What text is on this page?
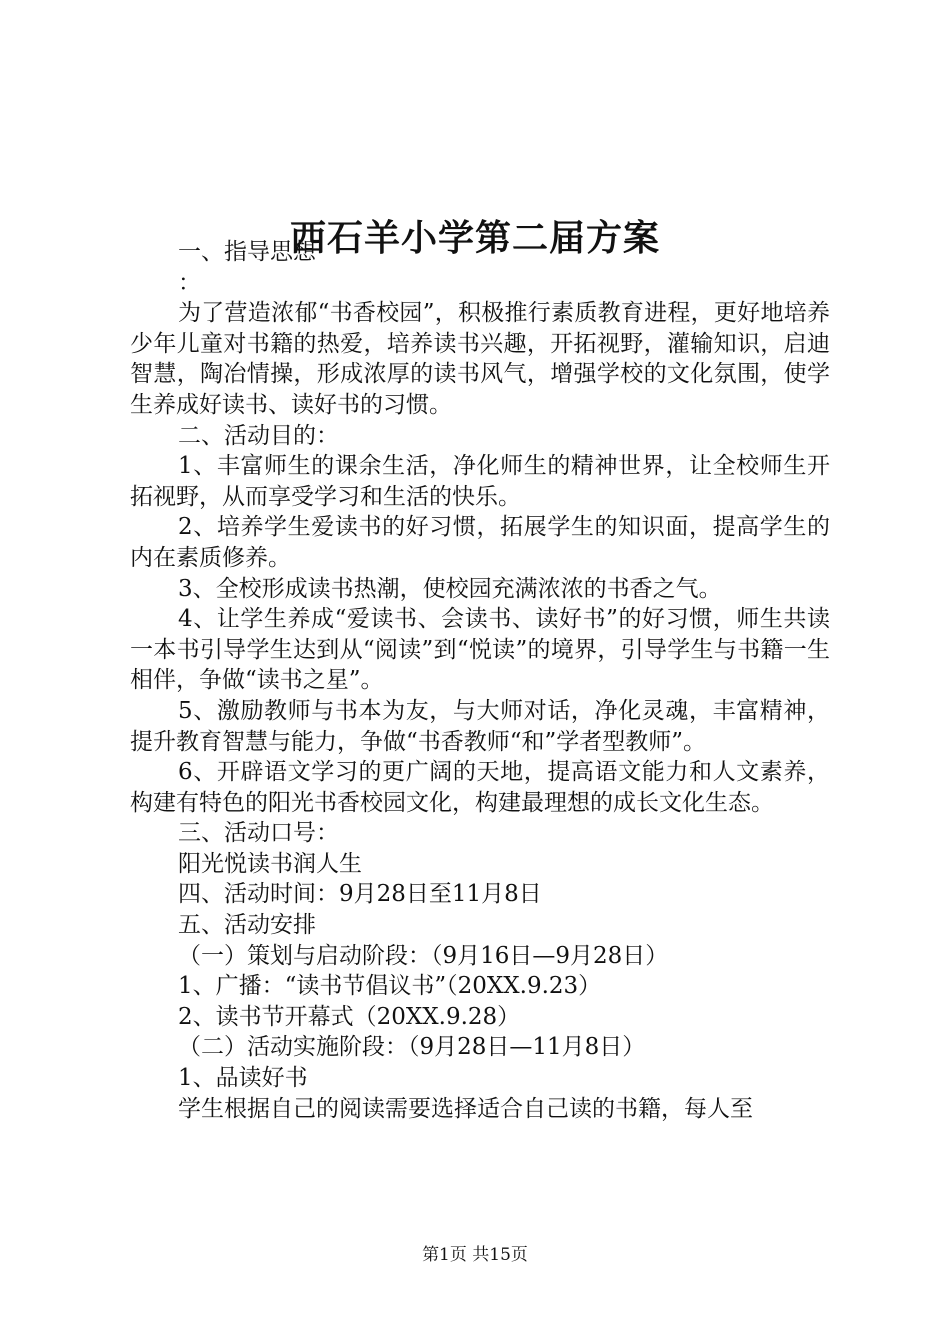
西石羊小学第二届方案

一、指导思想

：

为了营造浓郁“书香校园”，积极推行素质教育进程，更好地培养少年儿童对书籍的热爱，培养读书兴趣，开拓视野，灌输知识，启迪智慧，陶冶情操，形成浓厚的读书风气，增强学校的文化氛围，使学生养成好读书、读好书的习惯。

二、活动目的：

1、丰富师生的课余生活，净化师生的精神世界，让全校师生开拓视野，从而享受学习和生活的快乐。

2、培养学生爱读书的好习惯，拓展学生的知识面，提高学生的内在素质修养。

3、全校形成读书热潮，使校园充满浓浓的书香之气。

4、让学生养成“爱读书、会读书、读好书”的好习惯，师生共读一本书引导学生达到从“阅读”到“悦读”的境界，引导学生与书籍一生相伴，争做“读书之星”。

5、激励教师与书本为友，与大师对话，净化灵魂，丰富精神，提升教育智慧与能力，争做“书香教师“和”学者型教师”。

6、开辟语文学习的更广阔的天地，提高语文能力和人文素养，构建有特色的阳光书香校园文化，构建最理想的成长文化生态。

三、活动口号：

阳光悦读书润人生

四、活动时间：9月28日至11月8日

五、活动安排

（一）策划与启动阶段：（9月16日—9月28日）

1、广播：“读书节倡议书”（20XX.9.23）

2、读书节开幕式（20XX.9.28）

（二）活动实施阶段：（9月28日—11月8日）

1、品读好书

学生根据自己的阅读需要选择适合自己读的书籍，每人至

第1页 共15页
